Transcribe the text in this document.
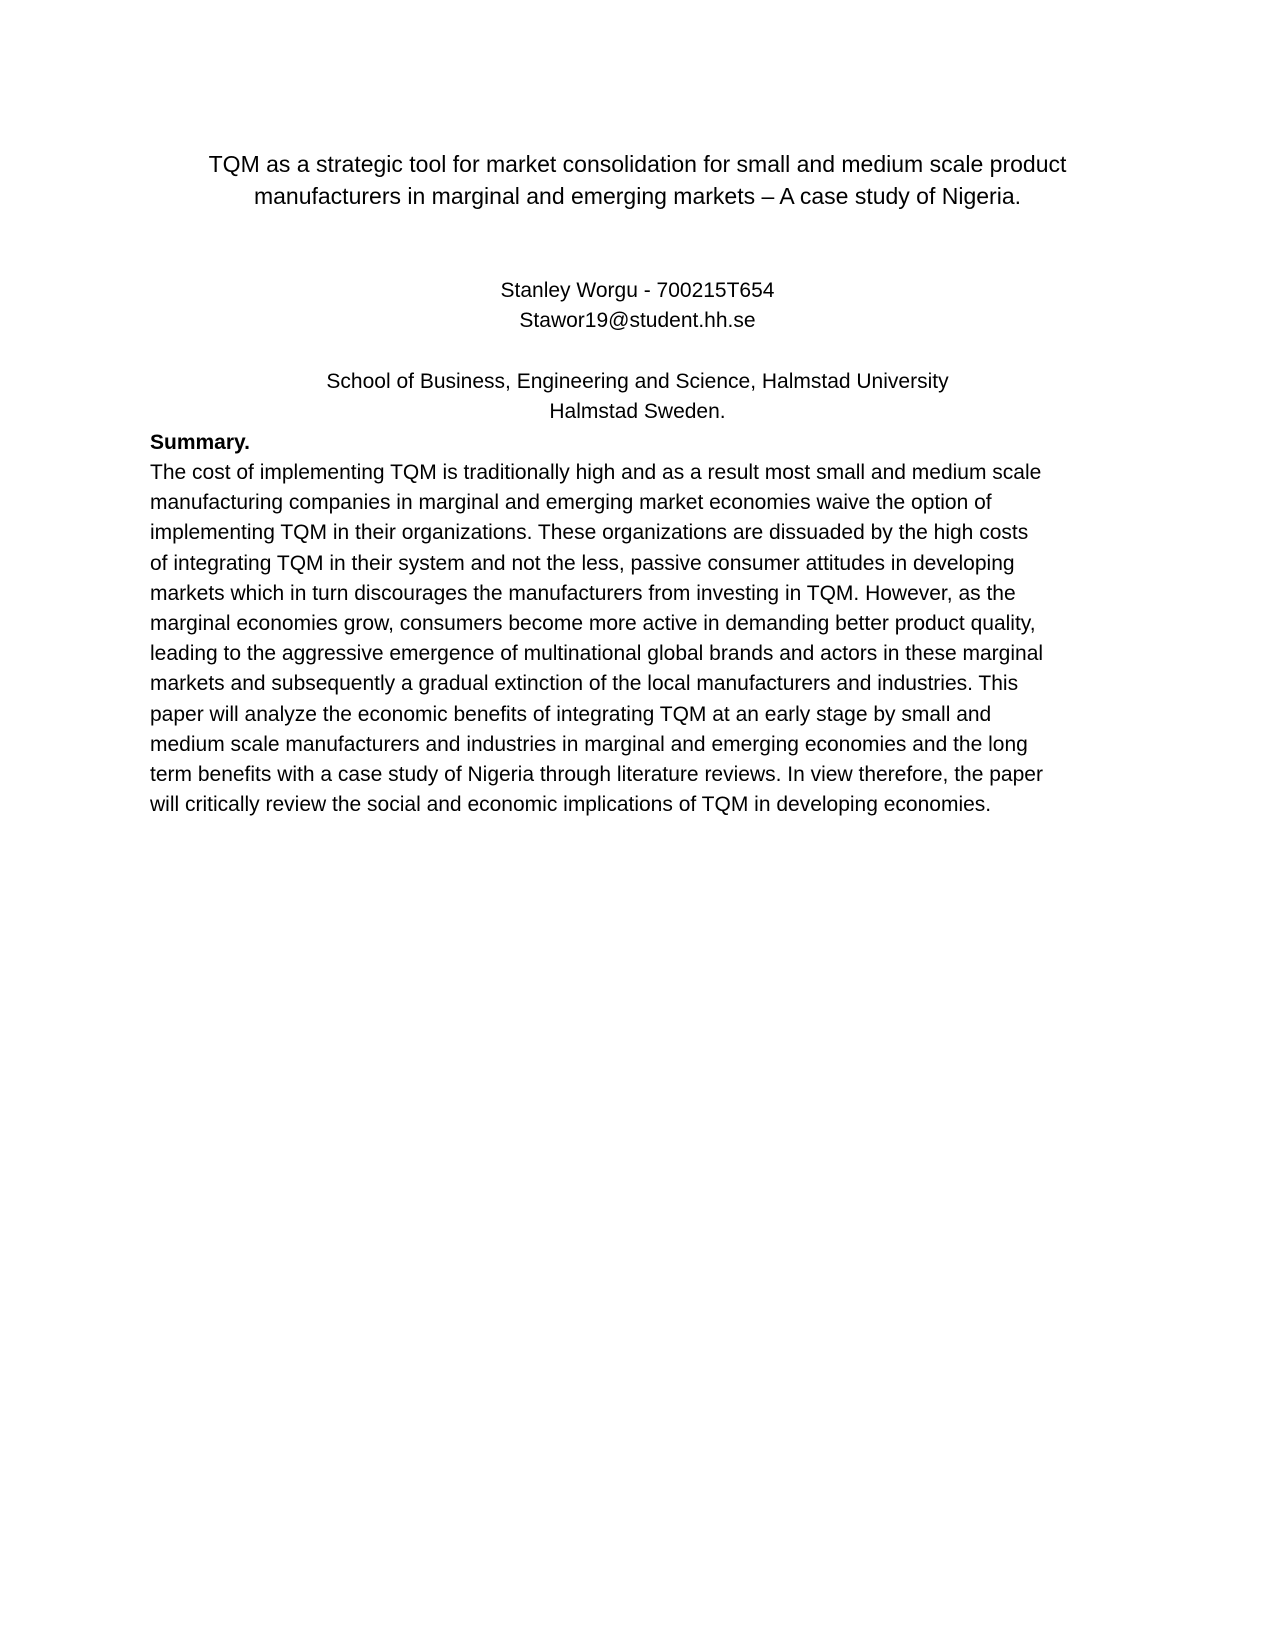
TQM as a strategic tool for market consolidation for small and medium scale product
manufacturers in marginal and emerging markets – A case study of Nigeria.
Stanley Worgu - 700215T654
Stawor19@student.hh.se
School of Business, Engineering and Science, Halmstad University
Halmstad Sweden.
Summary.
The cost of implementing TQM is traditionally high and as a result most small and medium scale
manufacturing companies in marginal and emerging market economies waive the option of
implementing TQM in their organizations. These organizations are dissuaded by the high costs
of integrating TQM in their system and not the less, passive consumer attitudes in developing
markets which in turn discourages the manufacturers from investing in TQM. However, as the
marginal economies grow, consumers become more active in demanding better product quality,
leading to the aggressive emergence of multinational global brands and actors in these marginal
markets and subsequently a gradual extinction of the local manufacturers and industries. This
paper will analyze the economic benefits of integrating TQM at an early stage by small and
medium scale manufacturers and industries in marginal and emerging economies and the long
term benefits with a case study of Nigeria through literature reviews. In view therefore, the paper
will critically review the social and economic implications of TQM in developing economies.
